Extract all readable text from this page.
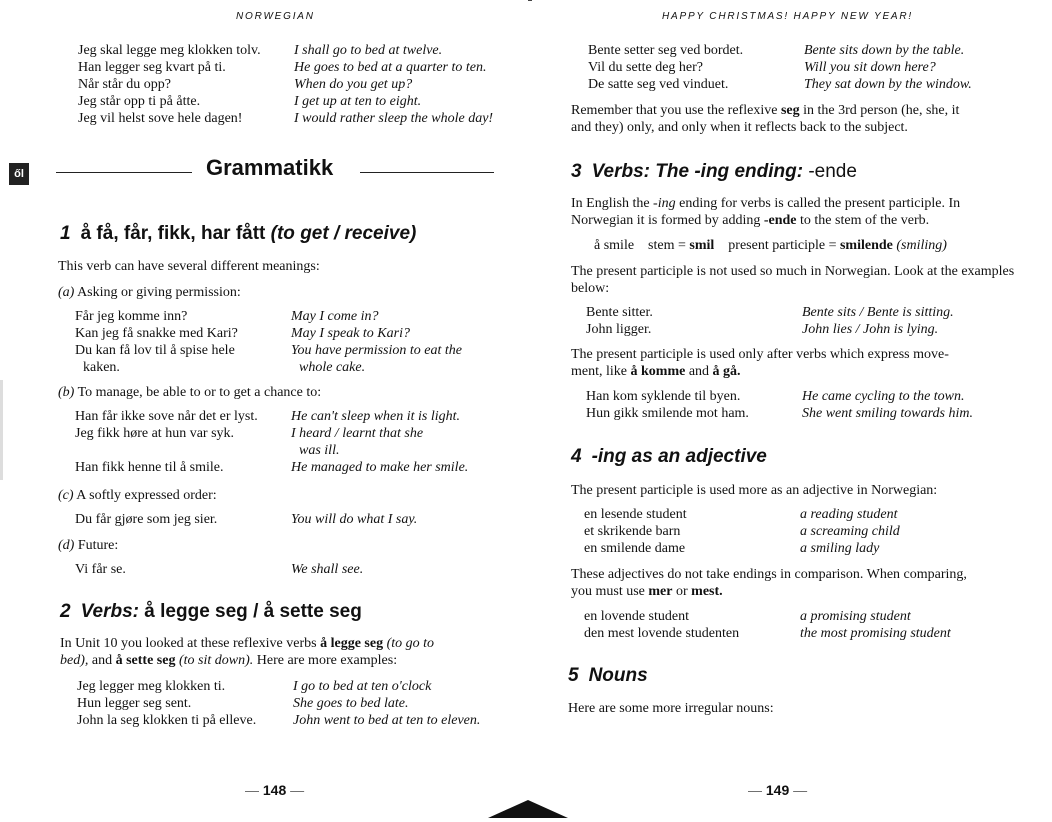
NORWEGIAN
Jeg skal legge meg klokken tolv.	I shall go to bed at twelve.
Han legger seg kvart på ti.	He goes to bed at a quarter to ten.
Når står du opp?	When do you get up?
Jeg står opp ti på åtte.	I get up at ten to eight.
Jeg vil helst sove hele dagen!	I would rather sleep the whole day!
ől	Grammatikk
1 å få, får, fikk, har fått (to get / receive)
This verb can have several different meanings:
(a) Asking or giving permission:
Får jeg komme inn?	May I come in?
Kan jeg få snakke med Kari?	May I speak to Kari?
Du kan få lov til å spise hele	You have permission to eat the
kaken.	whole cake.
(b) To manage, be able to or to get a chance to:
Han får ikke sove når det er lyst.	He can't sleep when it is light.
Jeg fikk høre at hun var syk.	I heard / learnt that she
was ill.
Han fikk henne til å smile.	He managed to make her smile.
(c) A softly expressed order:
Du får gjøre som jeg sier.	You will do what I say.
(d) Future:
Vi får se.	We shall see.
2 Verbs: å legge seg / å sette seg
In Unit 10 you looked at these reflexive verbs å legge seg (to go to
bed), and å sette seg (to sit down). Here are more examples:
Jeg legger meg klokken ti.	I go to bed at ten o'clock
Hun legger seg sent.	She goes to bed late.
John la seg klokken ti på elleve.	John went to bed at ten to eleven.
— 148 —
HAPPY CHRISTMAS! HAPPY NEW YEAR!
Bente setter seg ved bordet.	Bente sits down by the table.
Vil du sette deg her?	Will you sit down here?
De satte seg ved vinduet.	They sat down by the window.
Remember that you use the reflexive seg in the 3rd person (he, she, it
and they) only, and only when it reflects back to the subject.
3 Verbs: The -ing ending: -ende
In English the -ing ending for verbs is called the present participle. In
Norwegian it is formed by adding -ende to the stem of the verb.
å smile stem = smil present participle = smilende (smiling)
The present participle is not used so much in Norwegian. Look at the examples below:
Bente sitter.	Bente sits / Bente is sitting.
John ligger.	John lies / John is lying.
The present participle is used only after verbs which express move-
ment, like å komme and å gå.
Han kom syklende til byen.	He came cycling to the town.
Hun gikk smilende mot ham.	She went smiling towards him.
4 -ing as an adjective
The present participle is used more as an adjective in Norwegian:
en lesende student	a reading student
et skrikende barn	a screaming child
en smilende dame	a smiling lady
These adjectives do not take endings in comparison. When comparing,
you must use mer or mest.
en lovende student	a promising student
den mest lovende studenten	the most promising student
5 Nouns
Here are some more irregular nouns:
— 149 —
